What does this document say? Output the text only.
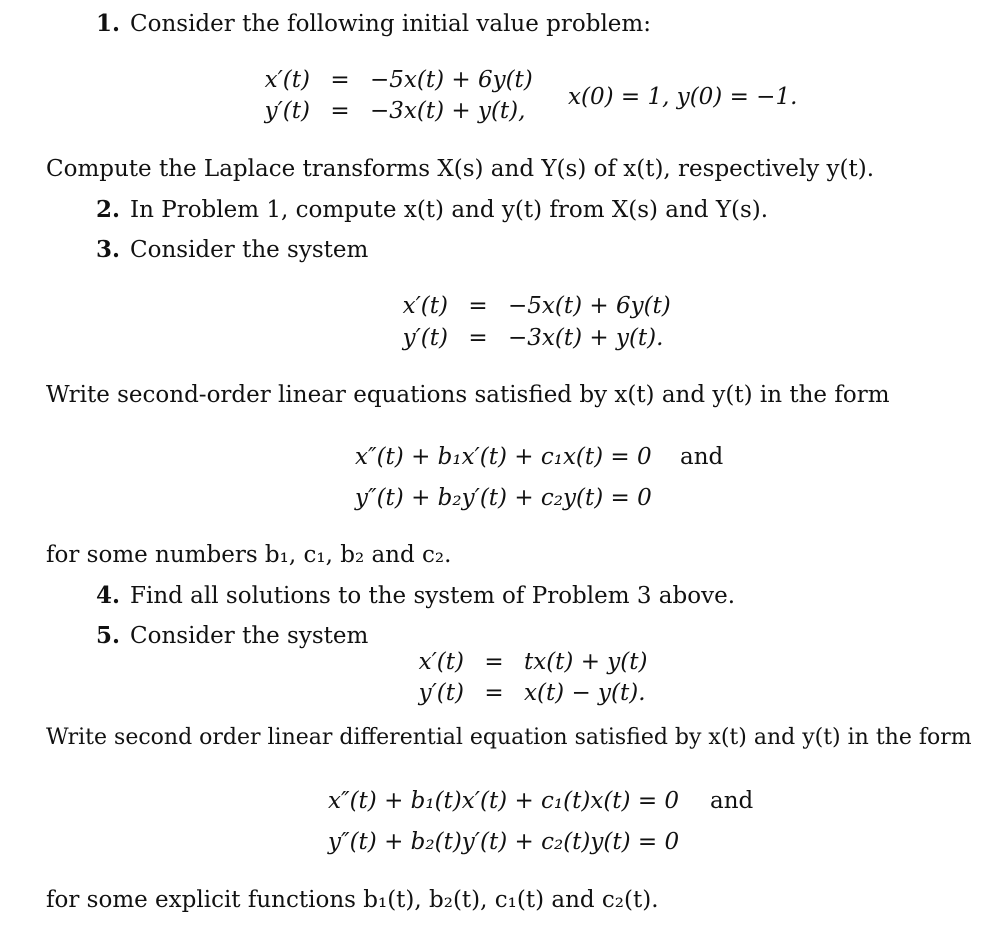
1. Consider the following initial value problem:
x′(t) = −5x(t) + 6y(t)
y′(t) = −3x(t) + y(t),
x(0) = 1, y(0) = −1.
Compute the Laplace transforms X(s) and Y(s) of x(t), respectively y(t).
2. In Problem 1, compute x(t) and y(t) from X(s) and Y(s).
3. Consider the system
x′(t) = −5x(t) + 6y(t)
y′(t) = −3x(t) + y(t).
Write second-order linear equations satisfied by x(t) and y(t) in the form
x″(t) + b₁x′(t) + c₁x(t) = 0 and
y″(t) + b₂y′(t) + c₂y(t) = 0
for some numbers b₁, c₁, b₂ and c₂.
4. Find all solutions to the system of Problem 3 above.
5. Consider the system
x′(t) = tx(t) + y(t)
y′(t) = x(t) − y(t).
Write second order linear differential equation satisfied by x(t) and y(t) in the form
x″(t) + b₁(t)x′(t) + c₁(t)x(t) = 0 and
y″(t) + b₂(t)y′(t) + c₂(t)y(t) = 0
for some explicit functions b₁(t), b₂(t), c₁(t) and c₂(t).
